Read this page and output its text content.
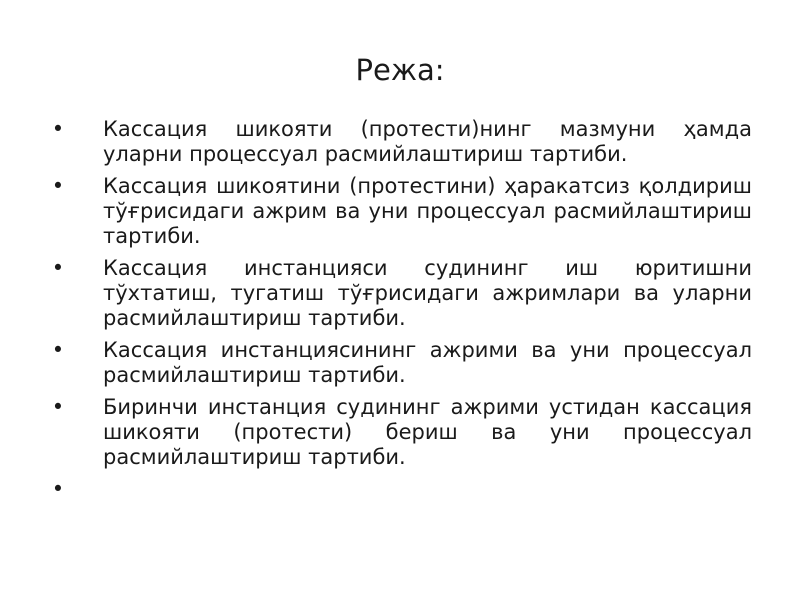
Режа:
• Кассация шикояти (протести)нинг мазмуни ҳамда уларни процессуал расмийлаштириш тартиби.
• Кассация шикоятини (протестини) ҳаракатсиз қолдириш тўғрисидаги ажрим ва уни процессуал расмийлаштириш тартиби.
• Кассация инстанцияси судининг иш юритишни тўхтатиш, тугатиш тўғрисидаги ажримлари ва уларни расмийлаштириш тартиби.
• Кассация инстанциясининг ажрими ва уни процессуал расмийлаштириш тартиби.
• Биринчи инстанция судининг ажрими устидан кассация шикояти (протести) бериш ва уни процессуал расмийлаштириш тартиби.
•
